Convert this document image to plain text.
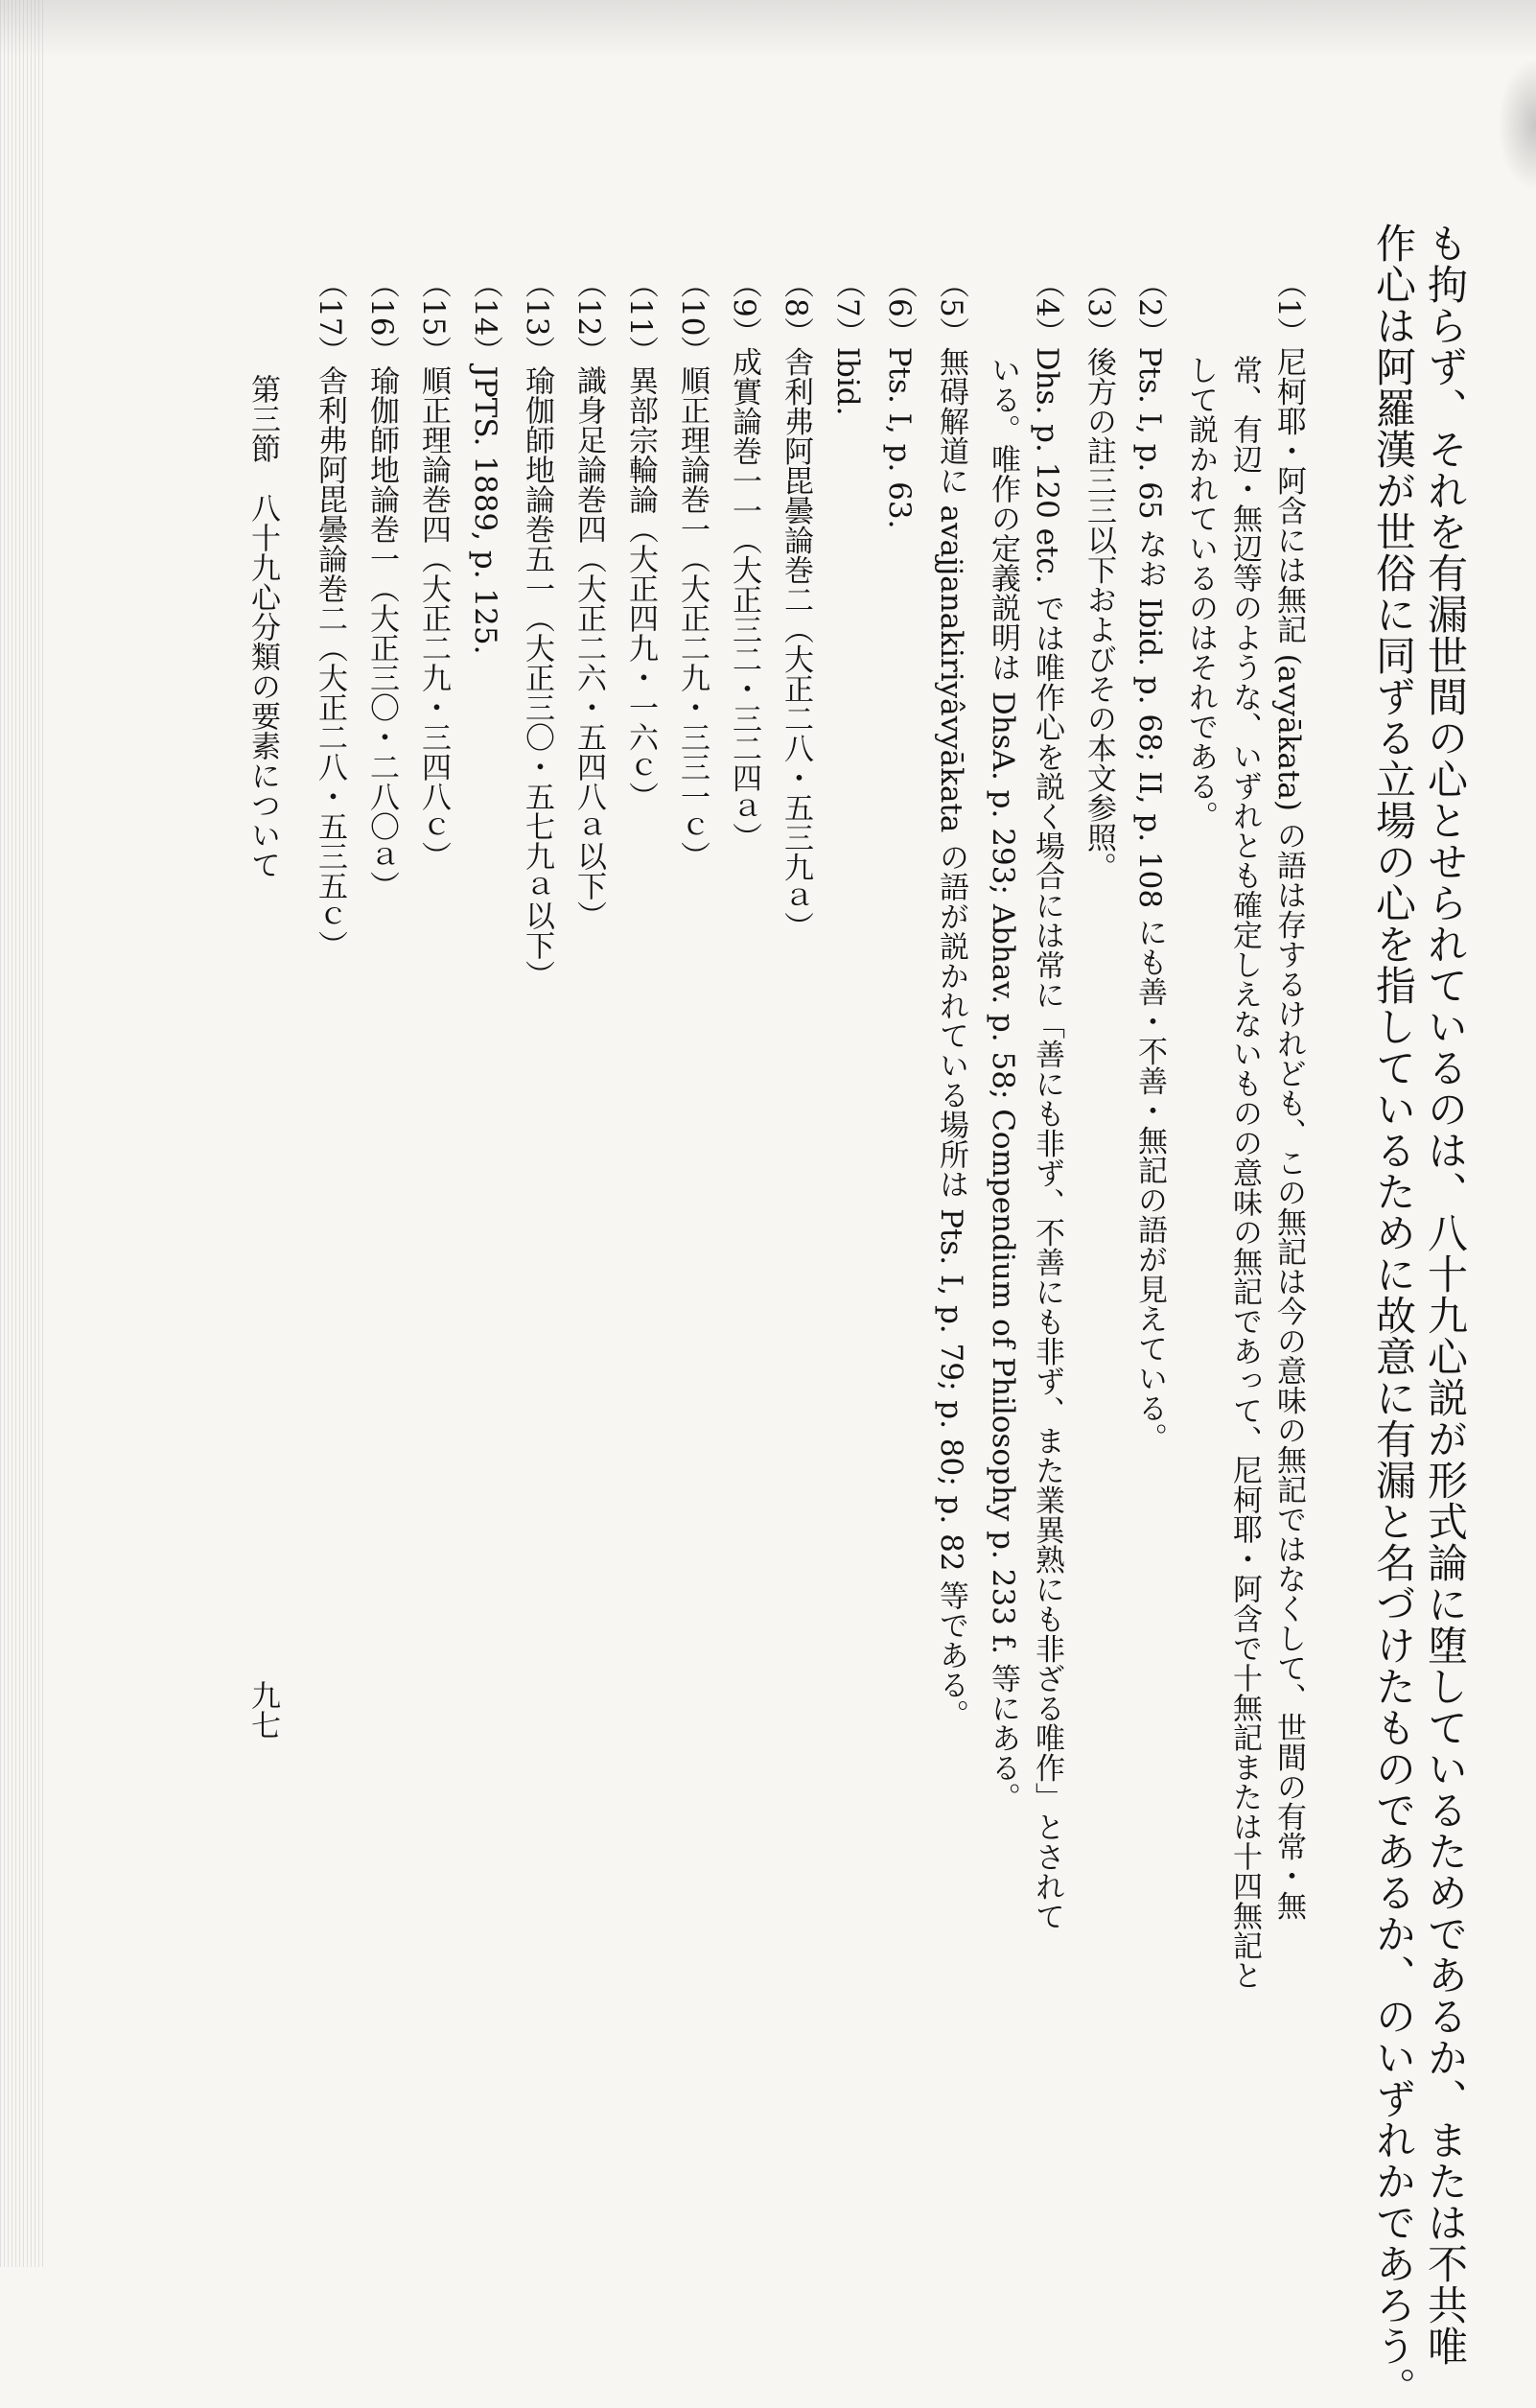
も拘らず、それを有漏世間の心とせられているのは、八十九心説が形式論に堕しているためであるか、または不共唯
作心は阿羅漢が世俗に同ずる立場の心を指しているために故意に有漏と名づけたものであるか、のいずれかであろう。
（1）尼柯耶・阿含には無記 (avyākata) の語は存するけれども、この無記は今の意味の無記ではなくして、世間の有常・無
常、有辺・無辺等のような、いずれとも確定しえないものの意味の無記であって、尼柯耶・阿含で十無記または十四無記と
して説かれているのはそれである。
（2）Pts. I, p. 65 なお Ibid. p. 68; II, p. 108 にも善・不善・無記の語が見えている。
（3）後方の註三三以下およびその本文参照。
（4）Dhs. p. 120 etc. では唯作心を説く場合には常に「善にも非ず、不善にも非ず、また業異熟にも非ざる唯作」とされて
いる。唯作の定義説明は DhsA. p. 293; Abhav. p. 58; Compendium of Philosophy p. 233 f. 等にある。
（5）無碍解道に avajjanakiriyâvyākata の語が説かれている場所は Pts. I, p. 79; p. 80; p. 82 等である。
（6）Pts. I, p. 63.
（7）Ibid.
（8）舎利弗阿毘曇論巻二（大正二八・五三九ａ）
（9）成實論巻一一（大正三二・三二四ａ）
（10）順正理論巻一（大正二九・三三一ｃ）
（11）異部宗輪論（大正四九・一六ｃ）
（12）識身足論巻四（大正二六・五四八ａ以下）
（13）瑜伽師地論巻五一（大正三〇・五七九ａ以下）
（14）JPTS. 1889, p. 125.
（15）順正理論巻四（大正二九・三四八ｃ）
（16）瑜伽師地論巻一（大正三〇・二八〇ａ）
（17）舎利弗阿毘曇論巻二（大正二八・五三五ｃ）
第三節　八十九心分類の要素について
九七
